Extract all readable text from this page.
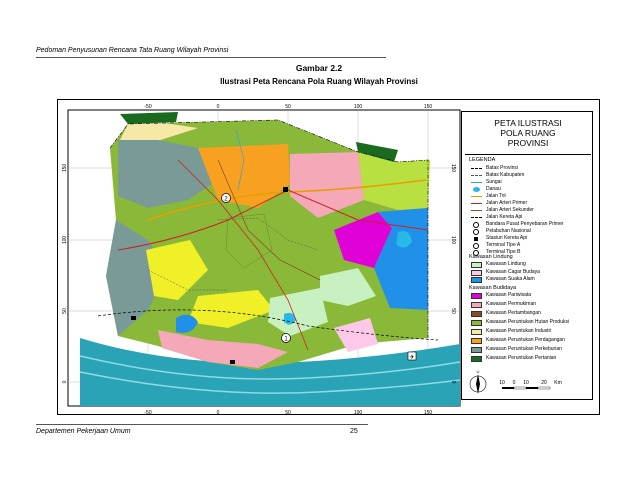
Pedoman Penyusunan Rencana Tata Ruang Wilayah Provinsi
Gambar 2.2
Ilustrasi Peta Rencana Pola Ruang Wilayah Provinsi
2
1
✈
-50	0	50	100	150
-50	0	50	100	150
150
100
50
0
150
100
50
0
PETA ILUSTRASI
POLA RUANG
PROVINSI
LEGENDA
Batas Provinsi
Batas Kabupaten
Sungai
Danau
Jalan Tol
Jalan Arteri Primer
Jalan Arteri Sekunder
Jalan Kereta Api
Bandara Pusat Penyebaran Primer
Pelabuhan Nasional
Stasiun Kereta Api
Terminal Tipe A
Terminal Tipe B
Kawasan Lindung
Kawasan Lindung
Kawasan Cagar Budaya
Kawasan Suaka Alam
Kawasan Budidaya
Kawasan Pariwisata
Kawasan Permukiman
Kawasan Pertambangan
Kawasan Peruntukan Hutan Produksi
Kawasan Peruntukan Industri
Kawasan Peruntukan Perdagangan
Kawasan Peruntukan Perkebunan
Kawasan Peruntukan Pertanian
U
10 0 10 20 Km
Departemen Pekerjaan Umum	25
